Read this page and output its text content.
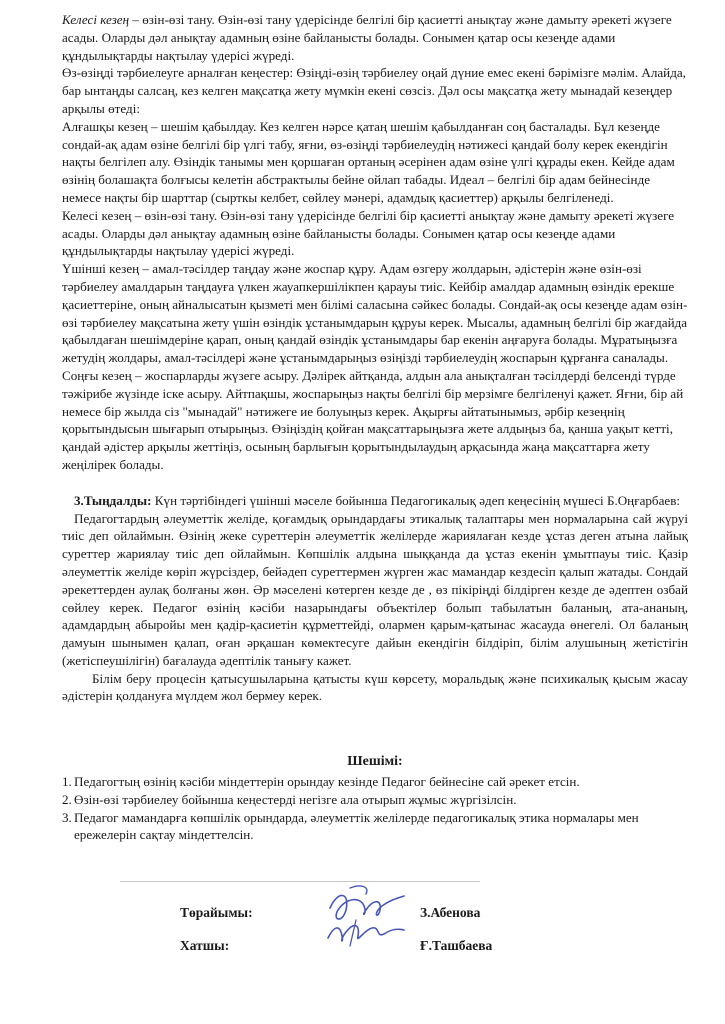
Келесі кезең – өзін-өзі тану. Өзін-өзі тану үдерісінде белгілі бір қасиетті анықтау және дамыту әрекеті жүзеге асады. Оларды дәл анықтау адамның өзіне байланысты болады. Сонымен қатар осы кезеңде адами құндылықтарды нақтылау үдерісі жүреді.

Өз-өзіңді тәрбиелеуге арналған кеңестер: Өзіңді-өзің тәрбиелеу оңай дүние емес екені бәрімізге мәлім. Алайда, бар ынтаңды салсаң, кез келген мақсатқа жету мүмкін екені сөзсіз. Дәл осы мақсатқа жету мынадай кезеңдер арқылы өтеді:

Алғашқы кезең – шешім қабылдау. Кез келген нәрсе қатаң шешім қабылданған соң басталады. Бұл кезеңде сондай-ақ адам өзіне белгілі бір үлгі табу, яғни, өз-өзіңді тәрбиелеудің нәтижесі қандай болу керек екендігін нақты белгілеп алу. Өзіндік танымы мен қоршаған ортаның әсерінен адам өзіне үлгі құрады екен. Кейде адам өзінің болашақта болғысы келетін абстрактылы бейне ойлап табады. Идеал – белгілі бір адам бейнесінде немесе нақты бір шарттар (сырткы келбет, сөйлеу мәнері, адамдық қасиеттер) арқылы белгіленеді.

Келесі кезең – өзін-өзі тану. Өзін-өзі тану үдерісінде белгілі бір қасиетті анықтау және дамыту әрекеті жүзеге асады. Оларды дәл анықтау адамның өзіне байланысты болады. Сонымен қатар осы кезеңде адами құндылықтарды нақтылау үдерісі жүреді.

Үшінші кезең – амал-тәсілдер таңдау және жоспар құру. Адам өзгеру жолдарын, әдістерін және өзін-өзі тәрбиелеу амалдарын таңдауға үлкен жауапкершілікпен қарауы тиіс. Кейбір амалдар адамның өзіндік ерекше қасиеттеріне, оның айналысатын қызметі мен білімі саласына сәйкес болады. Сондай-ақ осы кезеңде адам өзін-өзі тәрбиелеу мақсатына жету үшін өзіндік ұстанымдарын құруы керек. Мысалы, адамның белгілі бір жағдайда қабылдаған шешімдеріне қарап, оның қандай өзіндік ұстанымдары бар екенін аңғаруға болады. Мұратыңызға жетудің жолдары, амал-тәсілдері және ұстанымдарыңыз өзіңізді тәрбиелеудің жоспарын құрғанға саналады.

Соңғы кезең – жоспарларды жүзеге асыру. Дәлірек айтқанда, алдын ала анықталған тәсілдерді белсенді түрде тәжірибе жүзінде іске асыру. Айтпақшы, жоспарыңыз нақты белгілі бір мерзімге белгіленуі қажет. Яғни, бір ай немесе бір жылда сіз "мынадай" нәтижеге ие болуыңыз керек. Ақырғы айтатынымыз, әрбір кезеңнің қорытындысын шығарып отырыңыз. Өзіңіздің қойған мақсаттарыңызға жете алдыңыз ба, қанша уақыт кетті, қандай әдістер арқылы жеттіңіз, осының барлығын қорытындылаудың арқасында жаңа мақсаттарға жету жеңілірек болады.

3.Тыңдалды: Күн тәртібіндегі үшінші мәселе бойынша Педагогикалық әдеп кеңесінің мүшесі Б.Оңғарбаев:

Педагогтардың әлеуметтік желіде, қоғамдық орындардағы этикалық талаптары мен нормаларына сай жүруі тиіс деп ойлаймын. Өзінің жеке суреттерін әлеуметтік желілерде жариялаған кезде ұстаз деген атына лайық суреттер жариялау тиіс деп ойлаймын. Көпшілік алдына шыққанда да ұстаз екенін ұмытпауы тиіс. Қазір әлеуметтік желіде көріп жүрсіздер, бейәдеп суреттермен жүрген жас мамандар кездесіп қалып жатады. Сондай әрекеттерден аулақ болғаны жөн. Әр мәселені көтерген кезде де , өз пікіріңді білдірген кезде де әдептен озбай сөйлеу керек. Педагог өзінің кәсіби назарындағы объектілер болып табылатын баланың, ата-ананың, адамдардың абыройы мен қадір-қасиетін құрметтейді, олармен қарым-қатынас жасауда өнегелі. Ол баланың дамуын шынымен қалап, оған әрқашан көмектесуге дайын екендігін білдіріп, білім алушының жетістігін (жетіспеушілігін) бағалауда әдептілік танығу кажет.

Білім беру процесін қатысушыларына қатысты күш көрсету, моральдық және психикалық қысым жасау әдістерін қолдануға мүлдем жол бермеу керек.

Шешімі:

1. Педагогтың өзінің кәсіби міндеттерін орындау кезінде Педагог бейнесіне сай әрекет етсін.
2. Өзін-өзі тәрбиелеу бойынша кеңестерді негізге ала отырып жұмыс жүргізілсін.
3. Педагог мамандарға көпшілік орындарда, әлеуметтік желілерде педагогикалық этика нормалары мен ережелерін сақтау міндеттелсін.
Төрайымы:	З.Абенова
Хатшы:	Ғ.Ташбаева
